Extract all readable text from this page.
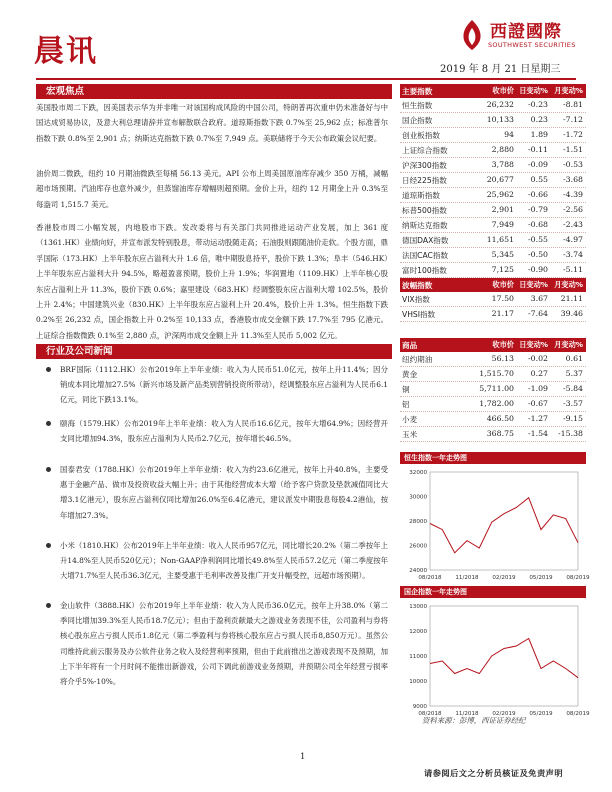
晨讯
西證國際
SOUTHWEST SECURITIES
2019 年 8 月 21 日星期三
宏观焦点
美国股市周二下跌，因美国表示华为并非唯一对该国构成风险的中国公司，特朗普再次重申仍未准备好与中国达成贸易协议，及意大利总理请辞并宣布解散联合政府。道琼斯指数下跌 0.7%至 25,962 点；标准普尔指数下跌 0.8%至 2,901 点；纳斯达克指数下跌 0.7%至 7,949 点。美联储将于今天公布政策会议纪要。
油价周二微跌，纽约 10 月期油微跌至每桶 56.13 美元。API 公布上周美国原油库存减少 350 万桶，减幅超市场预期。汽油库存也意外减少，但蒸馏油库存增幅则超预期。金价上升，纽约 12 月期金上升 0.3%至每盎司 1,515.7 美元。
香港股市周二小幅发展，内地股市下跌。发改委将与有关部门共同推进运动产业发展，加上 361 度（1361.HK）业绩向好，并宣布派发特别股息，带动运动股随走高；石油股则跟随油价走软。个股方面，鼎孚国际（173.HK）上半年股东应占溢利大升 1.6 倍，唯中期股息持平，股价下跌 1.3%；阜丰（546.HK）上半年股东应占溢利大升 94.5%，略超盈喜预期，股价上升 1.9%；华润置地（1109.HK）上半年核心股东应占溢利上升 11.3%，股价下跌 0.6%；嘉里建设（683.HK）经调整股东应占溢利大增 102.5%，股价上升 2.4%；中国建筑兴业（830.HK）上半年股东应占溢利上升 20.4%，股价上升 1.3%。恒生指数下跌 0.2%至 26,232 点，国企指数上升 0.2%至 10,133 点，香港股市成交金额下跌 17.7%至 795 亿港元。上证综合指数微跌 0.1%至 2,880 点，沪深两市成交金额上升 11.3%至人民币 5,002 亿元。
行业及公司新闻
BRF国际（1112.HK）公布2019年上半年业绩：收入为人民币51.0亿元，按年上升11.4%；因分销成本同比增加27.5%（新兴市场及新产品类别营销投资所带动），经调整股东应占溢利为人民币6.1亿元，同比下跌13.1%。
颐海（1579.HK）公布2019年上半年业绩：收入为人民币16.6亿元，按年大增64.9%；因经营开支同比增加94.3%，股东应占溢利为人民币2.7亿元，按年增长46.5%。
国泰君安（1788.HK）公布2019年上半年业绩：收入为约23.6亿港元，按年上升40.8%，主要受惠于金融产品、做市及投资收益大幅上升；由于其他经营成本大增（给予客户贷款及垫款减值同比大增3.1亿港元），股东应占溢利仅同比增加26.0%至6.4亿港元，建议派发中期股息每股4.2港仙，按年增加27.3%。
小米（1810.HK）公布2019年上半年业绩：收入人民币957亿元，同比增长20.2%（第二季按年上升14.8%至人民币520亿元）；Non-GAAP净利润同比增长49.8%至人民币57.2亿元（第二季度按年大增71.7%至人民币36.3亿元，主要受惠于毛利率改善及推广开支升幅受控，远超市场预期）。
金山软件（3888.HK）公布2019年上半年业绩：收入为人民币36.0亿元，按年上升38.0%（第二季同比增加39.3%至人民币18.7亿元）；但由于盈利贡献最大之游戏业务表现不佳，公司盈利与券将核心股东应占亏损人民币1.8亿元（第二季盈利与券将核心股东应占亏损人民币8,850万元）。虽然公司维持此前云服务及办公软件业务之收入及经营利率预期，但由于此前推出之游戏表现不及预期，加上下半年将有一个月时间不能推出新游戏，公司下调此前游戏业务预期，并预期公司全年经营亏损率将介乎5%-10%。
主要指数	收市价 日变动% 月变动%
恒生指数	26,232 -0.23 -8.81
国企指数	10,133 0.23 -7.12
创业板指数	94 1.89 -1.72
上证综合指数	2,880 -0.11 -1.51
沪深300指数	3,788 -0.09 -0.53
日经225指数	20,677 0.55 -3.68
道琼斯指数	25,962 -0.66 -4.39
标普500指数	2,901 -0.79 -2.56
纳斯达克指数	7,949 -0.68 -2.43
德国DAX指数	11,651 -0.55 -4.97
法国CAC指数	5,345 -0.50 -3.74
富时100指数	7,125 -0.90 -5.11
波幅指数	收市价 日变动% 月变动%
VIX指数	17.50 3.67 21.11
VHSI指数	21.17 -7.64 39.46
商品	收市价 日变动% 月变动%
纽约期油	56.13 -0.02 0.61
黄金	1,515.70 0.27 5.37
铜	5,711.00 -1.09 -5.84
铝	1,782.00 -0.67 -3.57
小麦	466.50 -1.27 -9.15
玉米	368.75 -1.54 -15.38
恒生指数一年走势图
24000
26000
28000
30000
32000
08/2018 11/2018 02/2019 05/2019 08/2019
国企指数一年走势图
9000
10000
11000
12000
13000
08/2018 11/2018 02/2019 05/2019 08/2019
资料来源：彭博，西证证券经纪
1
请参阅后文之分析员核证及免责声明
